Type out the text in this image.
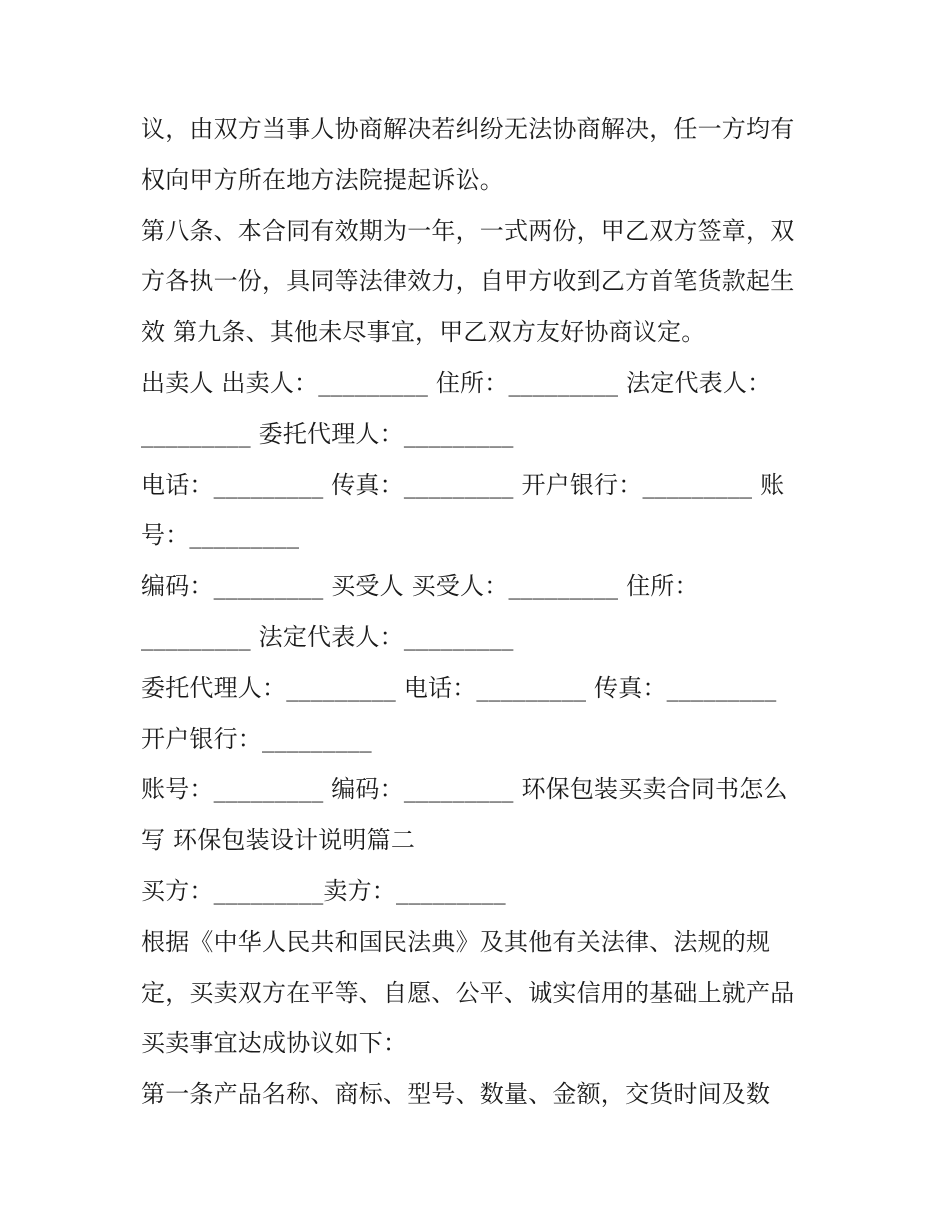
议，由双方当事人协商解决若纠纷无法协商解决，任一方均有
权向甲方所在地方法院提起诉讼。
第八条、本合同有效期为一年，一式两份，甲乙双方签章，双
方各执一份，具同等法律效力，自甲方收到乙方首笔货款起生
效 第九条、其他未尽事宜，甲乙双方友好协商议定。
出卖人 出卖人：_________ 住所：_________ 法定代表人：
_________ 委托代理人：_________
电话：_________ 传真：_________ 开户银行：_________ 账
号：_________
编码：_________ 买受人 买受人：_________ 住所：
_________ 法定代表人：_________
委托代理人：_________ 电话：_________ 传真：_________
开户银行：_________
账号：_________ 编码：_________ 环保包装买卖合同书怎么
写 环保包装设计说明篇二
买方：_________卖方：_________
根据《中华人民共和国民法典》及其他有关法律、法规的规
定，买卖双方在平等、自愿、公平、诚实信用的基础上就产品
买卖事宜达成协议如下：
第一条产品名称、商标、型号、数量、金额，交货时间及数
